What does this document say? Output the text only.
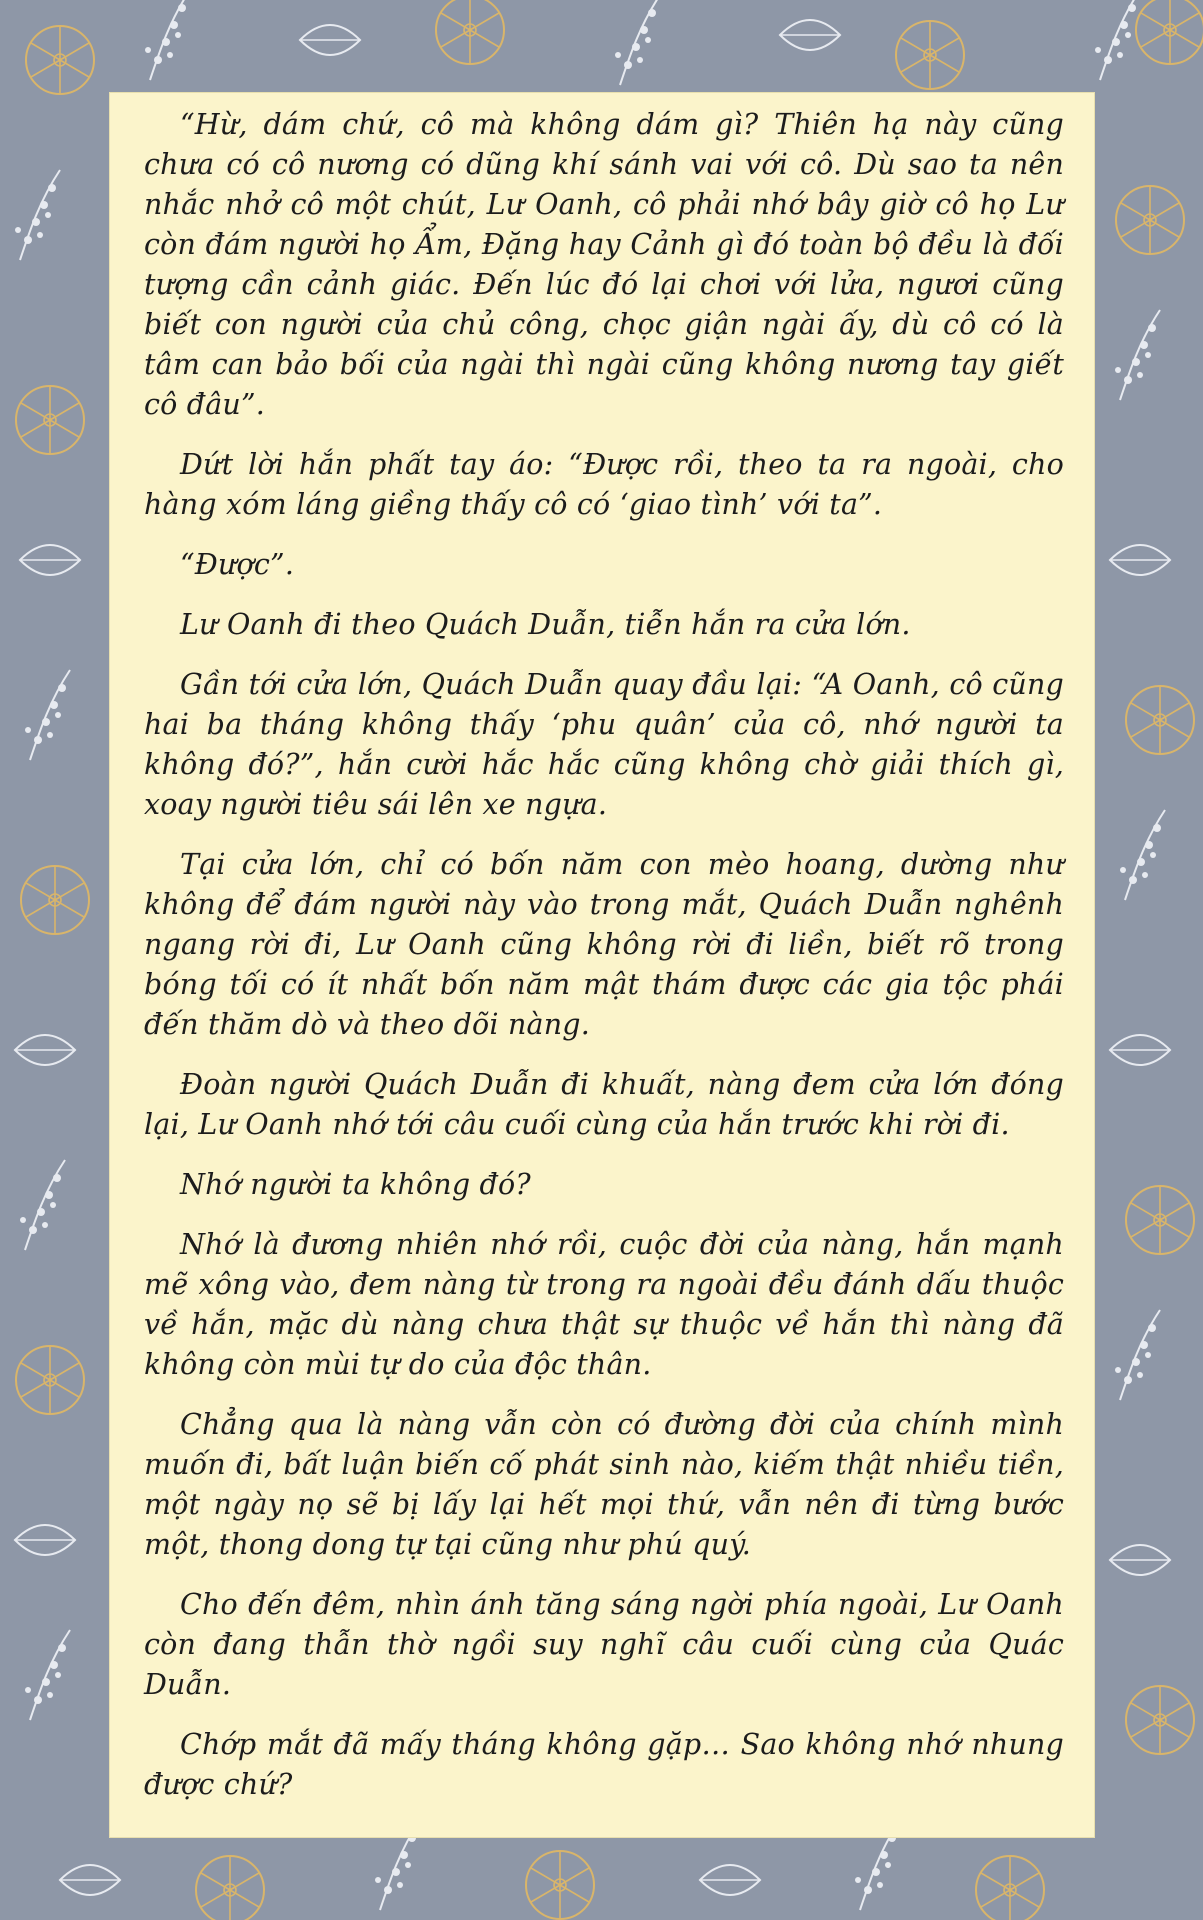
“Hừ, dám chứ, cô mà không dám gì? Thiên hạ này cũng chưa có cô nương có dũng khí sánh vai với cô. Dù sao ta nên nhắc nhở cô một chút, Lư Oanh, cô phải nhớ bây giờ cô họ Lư còn đám người họ Ẩm, Đặng hay Cảnh gì đó toàn bộ đều là đối tượng cần cảnh giác. Đến lúc đó lại chơi với lửa, ngươi cũng biết con người của chủ công, chọc giận ngài ấy, dù cô có là tâm can bảo bối của ngài thì ngài cũng không nương tay giết cô đâu”.

Dứt lời hắn phất tay áo: “Được rồi, theo ta ra ngoài, cho hàng xóm láng giềng thấy cô có ‘giao tình’ với ta”.

“Được”.

Lư Oanh đi theo Quách Duẫn, tiễn hắn ra cửa lớn.

Gần tới cửa lớn, Quách Duẫn quay đầu lại: “A Oanh, cô cũng hai ba tháng không thấy ‘phu quân’ của cô, nhớ người ta không đó?”, hắn cười hắc hắc cũng không chờ giải thích gì, xoay người tiêu sái lên xe ngựa.

Tại cửa lớn, chỉ có bốn năm con mèo hoang, dường như không để đám người này vào trong mắt, Quách Duẫn nghênh ngang rời đi, Lư Oanh cũng không rời đi liền, biết rõ trong bóng tối có ít nhất bốn năm mật thám được các gia tộc phái đến thăm dò và theo dõi nàng.

Đoàn người Quách Duẫn đi khuất, nàng đem cửa lớn đóng lại, Lư Oanh nhớ tới câu cuối cùng của hắn trước khi rời đi.

Nhớ người ta không đó?

Nhớ là đương nhiên nhớ rồi, cuộc đời của nàng, hắn mạnh mẽ xông vào, đem nàng từ trong ra ngoài đều đánh dấu thuộc về hắn, mặc dù nàng chưa thật sự thuộc về hắn thì nàng đã không còn mùi tự do của độc thân.

Chẳng qua là nàng vẫn còn có đường đời của chính mình muốn đi, bất luận biến cố phát sinh nào, kiếm thật nhiều tiền, một ngày nọ sẽ bị lấy lại hết mọi thứ, vẫn nên đi từng bước một, thong dong tự tại cũng như phú quý.

Cho đến đêm, nhìn ánh tăng sáng ngời phía ngoài, Lư Oanh còn đang thẫn thờ ngồi suy nghĩ câu cuối cùng của Quác Duẫn.

Chớp mắt đã mấy tháng không gặp… Sao không nhớ nhung được chứ?
